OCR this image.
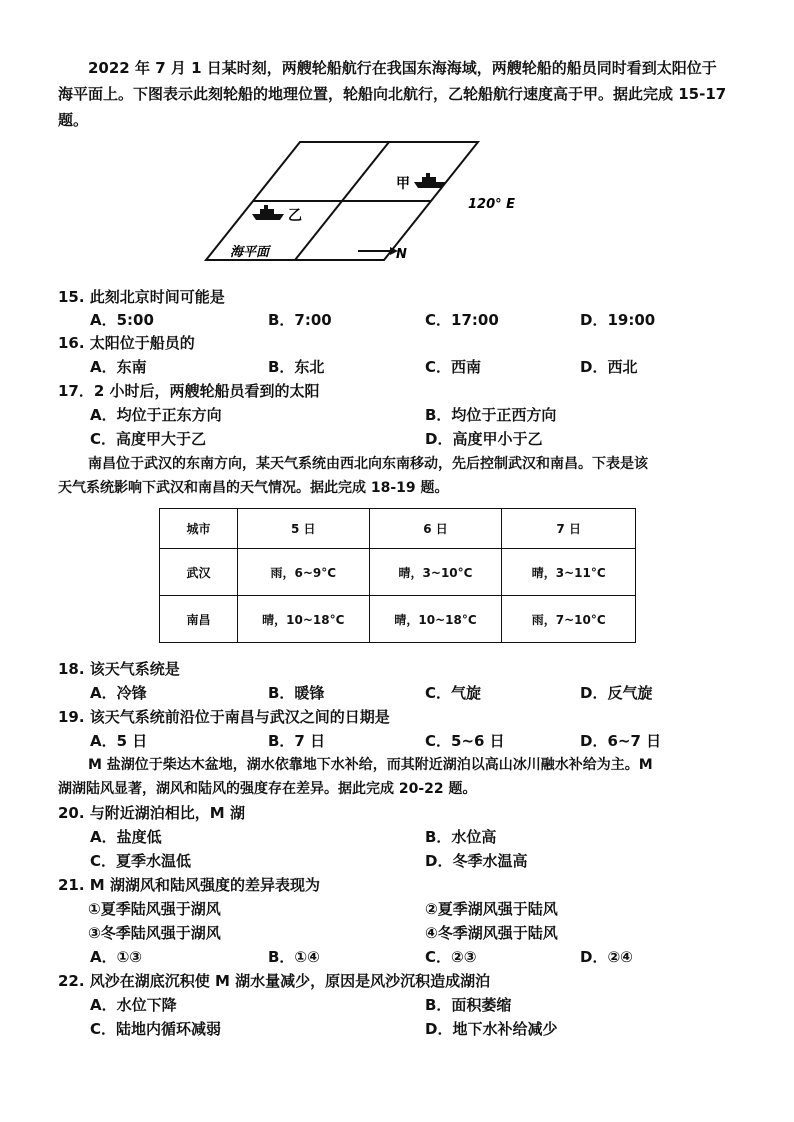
2022 年 7 月 1 日某时刻，两艘轮船航行在我国东海海域，两艘轮船的船员同时看到太阳位于
海平面上。下图表示此刻轮船的地理位置，轮船向北航行，乙轮船航行速度高于甲。据此完成 15-17
题。
甲
乙
120° E
海平面	N
15. 此刻北京时间可能是
A．5:00	B．7:00	C．17:00	D．19:00
16. 太阳位于船员的
A．东南	B．东北	C．西南	D．西北
17．2 小时后，两艘轮船员看到的太阳
A．均位于正东方向	B．均位于正西方向
C．高度甲大于乙	D．高度甲小于乙
南昌位于武汉的东南方向，某天气系统由西北向东南移动，先后控制武汉和南昌。下表是该
天气系统影响下武汉和南昌的天气情况。据此完成 18-19 题。
城市	5 日	6 日	7 日
武汉	雨，6~9°C	晴，3~10°C	晴，3~11°C
南昌	晴，10~18°C	晴，10~18°C	雨，7~10°C
18. 该天气系统是
A．冷锋	B．暖锋	C．气旋	D．反气旋
19. 该天气系统前沿位于南昌与武汉之间的日期是
A．5 日	B．7 日	C．5~6 日	D．6~7 日
M 盐湖位于柴达木盆地，湖水依靠地下水补给，而其附近湖泊以高山冰川融水补给为主。M
湖湖陆风显著，湖风和陆风的强度存在差异。据此完成 20-22 题。
20. 与附近湖泊相比，M 湖
A．盐度低	B．水位高
C．夏季水温低	D．冬季水温高
21. M 湖湖风和陆风强度的差异表现为
①夏季陆风强于湖风	②夏季湖风强于陆风
③冬季陆风强于湖风	④冬季湖风强于陆风
A．①③	B．①④	C．②③	D．②④
22. 风沙在湖底沉积使 M 湖水量减少，原因是风沙沉积造成湖泊
A．水位下降	B．面积萎缩
C．陆地内循环减弱	D．地下水补给减少
